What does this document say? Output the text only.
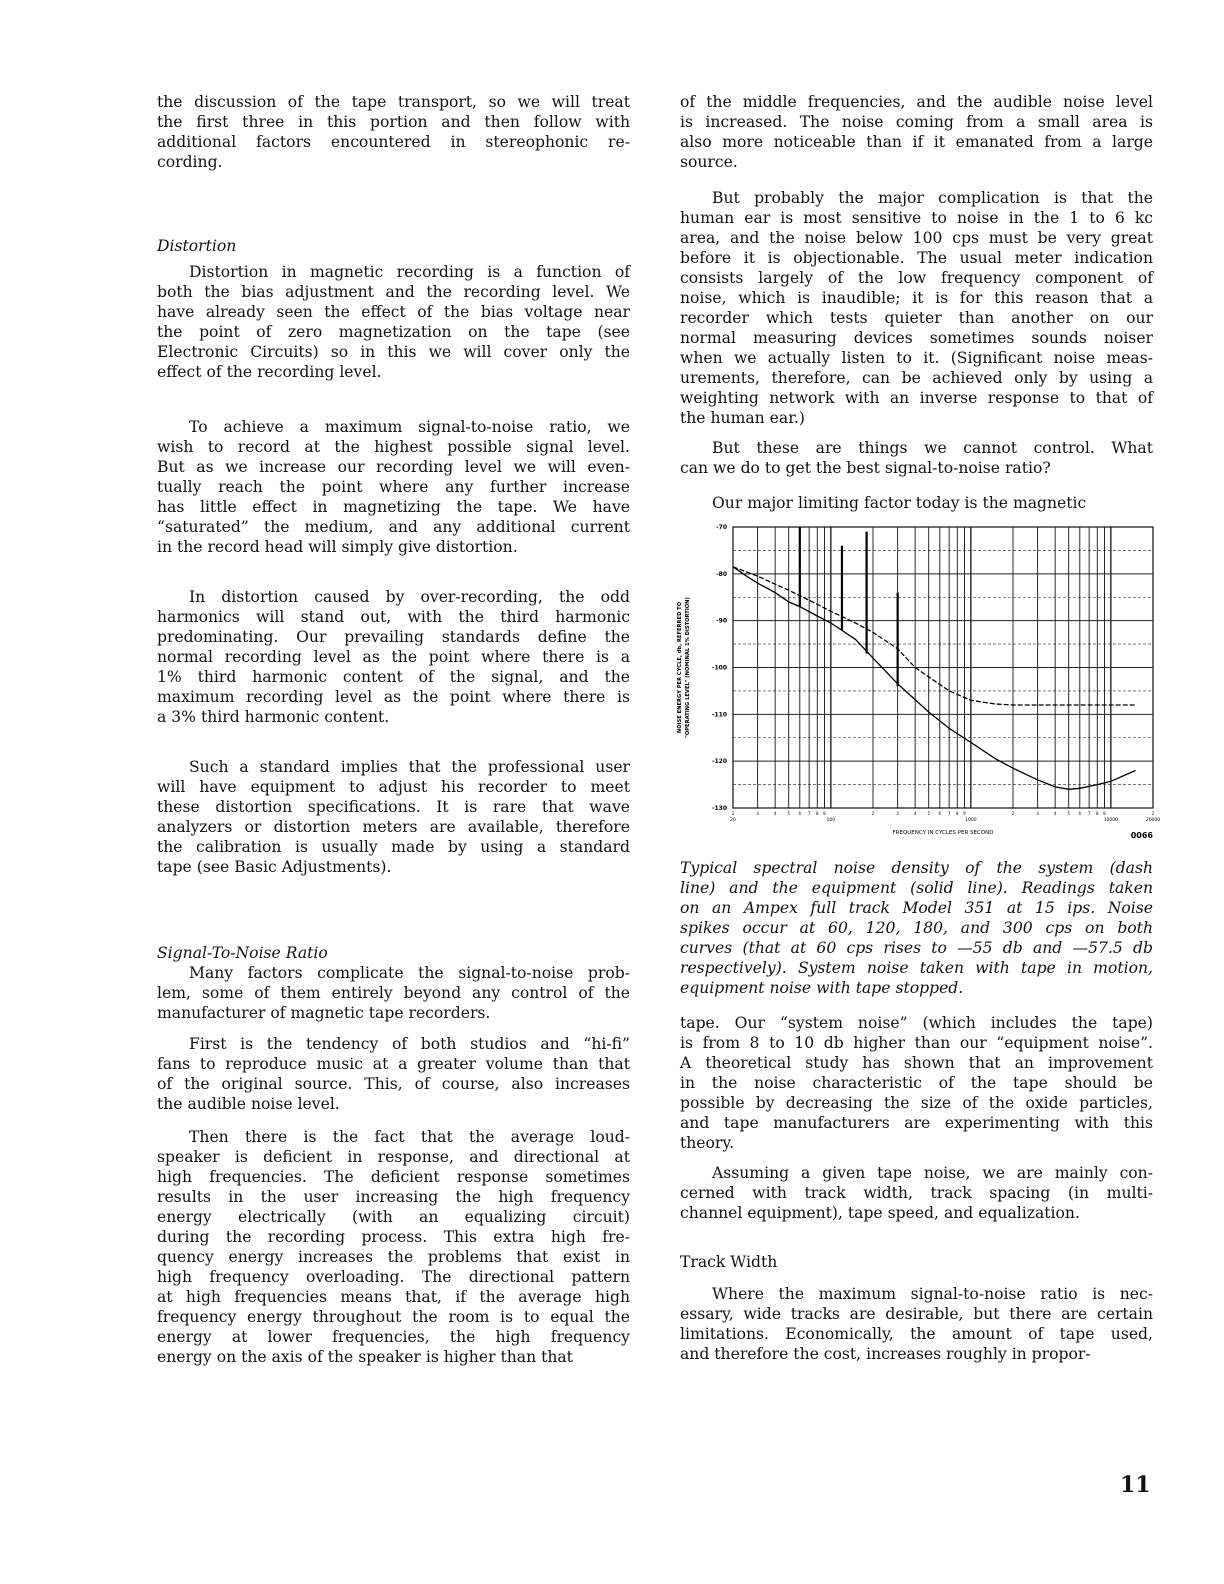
the discussion of the tape transport, so we will treat
the first three in this portion and then follow with
additional factors encountered in stereophonic re-
cording.
Distortion
Distortion in magnetic recording is a function of
both the bias adjustment and the recording level. We
have already seen the effect of the bias voltage near
the point of zero magnetization on the tape (see
Electronic Circuits) so in this we will cover only the
effect of the recording level.
To achieve a maximum signal-to-noise ratio, we
wish to record at the highest possible signal level.
But as we increase our recording level we will even-
tually reach the point where any further increase
has little effect in magnetizing the tape. We have
“saturated” the medium, and any additional current
in the record head will simply give distortion.
In distortion caused by over-recording, the odd
harmonics will stand out, with the third harmonic
predominating. Our prevailing standards define the
normal recording level as the point where there is a
1% third harmonic content of the signal, and the
maximum recording level as the point where there is
a 3% third harmonic content.
Such a standard implies that the professional user
will have equipment to adjust his recorder to meet
these distortion specifications. It is rare that wave
analyzers or distortion meters are available, therefore
the calibration is usually made by using a standard
tape (see Basic Adjustments).
Signal-To-Noise Ratio
Many factors complicate the signal-to-noise prob-
lem, some of them entirely beyond any control of the
manufacturer of magnetic tape recorders.
First is the tendency of both studios and “hi-fi”
fans to reproduce music at a greater volume than that
of the original source. This, of course, also increases
the audible noise level.
Then there is the fact that the average loud-
speaker is deficient in response, and directional at
high frequencies. The deficient response sometimes
results in the user increasing the high frequency
energy electrically (with an equalizing circuit)
during the recording process. This extra high fre-
quency energy increases the problems that exist in
high frequency overloading. The directional pattern
at high frequencies means that, if the average high
frequency energy throughout the room is to equal the
energy at lower frequencies, the high frequency
energy on the axis of the speaker is higher than that
of the middle frequencies, and the audible noise level
is increased. The noise coming from a small area is
also more noticeable than if it emanated from a large
source.
But probably the major complication is that the
human ear is most sensitive to noise in the 1 to 6 kc
area, and the noise below 100 cps must be very great
before it is objectionable. The usual meter indication
consists largely of the low frequency component of
noise, which is inaudible; it is for this reason that a
recorder which tests quieter than another on our
normal measuring devices sometimes sounds noiser
when we actually listen to it. (Significant noise meas-
urements, therefore, can be achieved only by using a
weighting network with an inverse response to that of
the human ear.)
But these are things we cannot control. What
can we do to get the best signal-to-noise ratio?
Our major limiting factor today is the magnetic
Typical spectral noise density of the system (dash
line) and the equipment (solid line). Readings taken
on an Ampex full track Model 351 at 15 ips. Noise
spikes occur at 60, 120, 180, and 300 cps on both
curves (that at 60 cps rises to —55 db and —57.5 db
respectively). System noise taken with tape in motion,
equipment noise with tape stopped.
tape. Our “system noise” (which includes the tape)
is from 8 to 10 db higher than our “equipment noise”.
A theoretical study has shown that an improvement
in the noise characteristic of the tape should be
possible by decreasing the size of the oxide particles,
and tape manufacturers are experimenting with this
theory.
Assuming a given tape noise, we are mainly con-
cerned with track width, track spacing (in multi-
channel equipment), tape speed, and equalization.
Track Width
Where the maximum signal-to-noise ratio is nec-
essary, wide tracks are desirable, but there are certain
limitations. Economically, the amount of tape used,
and therefore the cost, increases roughly in propor-
2	3	4	5 6 7 8 9	2	3	4	5 6 7 8 9	2	3	4	5 6 7 8 9	2
-70
-80
-90
-100
-110
-120
-130
20	100	1000	10000	20000
FREQUENCY IN CYCLES PER SECOND	0066
NOISE ENERGY PER CYCLE, db, REFERRED TO "OPERATING LEVEL" (NOMINAL 1% DISTORTION)
11
